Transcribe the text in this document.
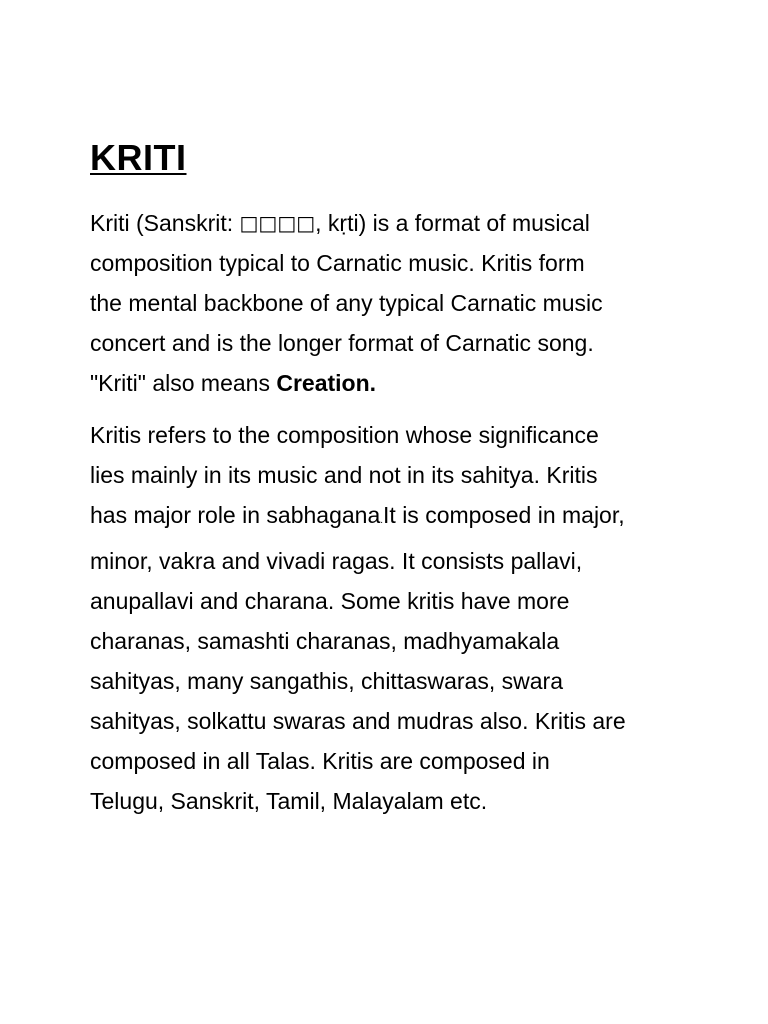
KRITI

Kriti (Sanskrit: □□□□, kṛti) is a format of musical
composition typical to Carnatic music. Kritis form
the mental backbone of any typical Carnatic music
concert and is the longer format of Carnatic song.
"Kriti" also means Creation.

Kritis refers to the composition whose significance
lies mainly in its music and not in its sahitya. Kritis
has major role in sabhagana.It is composed in major,
minor, vakra and vivadi ragas. It consists pallavi,
anupallavi and charana. Some kritis have more
charanas, samashti charanas, madhyamakala
sahityas, many sangathis, chittaswaras, swara
sahityas, solkattu swaras and mudras also. Kritis are
composed in all Talas. Kritis are composed in
Telugu, Sanskrit, Tamil, Malayalam etc.
